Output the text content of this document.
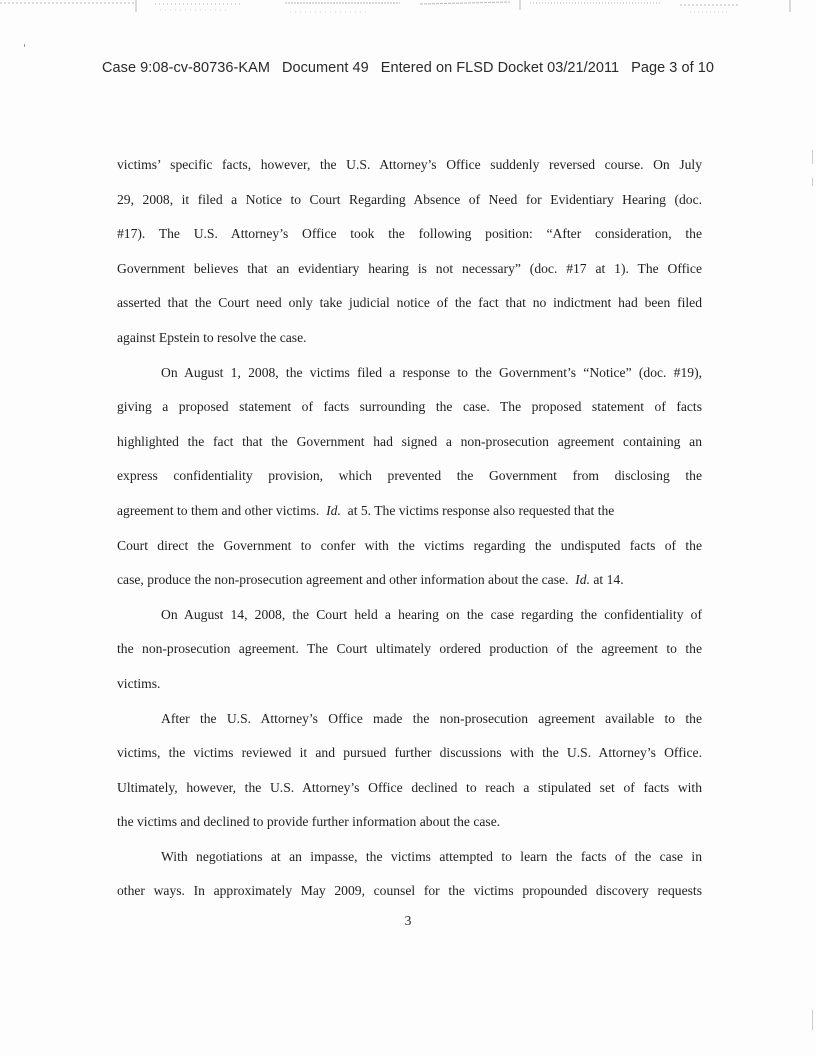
Case 9:08-cv-80736-KAM Document 49 Entered on FLSD Docket 03/21/2011 Page 3 of 10
victims’ specific facts, however, the U.S. Attorney’s Office suddenly reversed course. On July
29, 2008, it filed a Notice to Court Regarding Absence of Need for Evidentiary Hearing (doc.
#17). The U.S. Attorney’s Office took the following position: “After consideration, the
Government believes that an evidentiary hearing is not necessary” (doc. #17 at 1). The Office
asserted that the Court need only take judicial notice of the fact that no indictment had been filed
against Epstein to resolve the case.
On August 1, 2008, the victims filed a response to the Government’s “Notice” (doc. #19),
giving a proposed statement of facts surrounding the case. The proposed statement of facts
highlighted the fact that the Government had signed a non-prosecution agreement containing an
express confidentiality provision, which prevented the Government from disclosing the
agreement to them and other victims. Id. at 5. The victims response also requested that the
Court direct the Government to confer with the victims regarding the undisputed facts of the
case, produce the non-prosecution agreement and other information about the case. Id. at 14.
On August 14, 2008, the Court held a hearing on the case regarding the confidentiality of
the non-prosecution agreement. The Court ultimately ordered production of the agreement to the
victims.
After the U.S. Attorney’s Office made the non-prosecution agreement available to the
victims, the victims reviewed it and pursued further discussions with the U.S. Attorney’s Office.
Ultimately, however, the U.S. Attorney’s Office declined to reach a stipulated set of facts with
the victims and declined to provide further information about the case.
With negotiations at an impasse, the victims attempted to learn the facts of the case in
other ways. In approximately May 2009, counsel for the victims propounded discovery requests
3
